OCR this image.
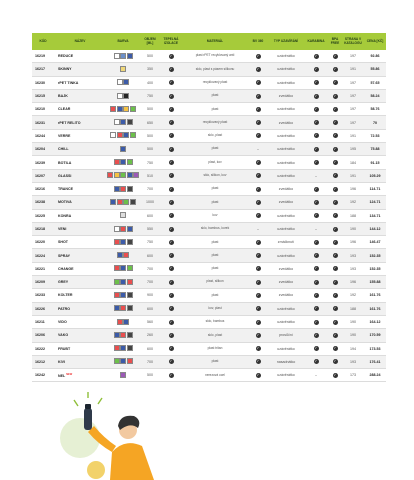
KÓD	NÁZEV	BARVA	OBJEM [ML]	TEPELNÁ IZOLACE	MATERIÁL	BV 360	TYP UZAVÍRÁNÍ	KARABINA	BPA FREE	STRANA V KATALOGU	CENA [KČ]
16219	REDUCE		500	✓	plast rPET recyklovaný anti	✓	uzávěrátko	✓	✓	197	92.86
16217	SKINNY		350	✓	sklo, plast s pásem silikonu	✓	uzávěrátko	✓	✓	191	55.86
16230	rPET TINKA		400	✓	recyklovaný plast	✓	uzávěrátko	✓	✓	197	57.65
16215	BAJK		750	✓	plast	✓	zvedátko	✓	✓	197	58.24
16210	CLEAR		500	✓	plast	✓	uzávěrátko	✓	✓	197	58.76
16231	rPET RELITO		650	✓	recyklovaný plast	✓	zvedátko	✓	✓	197	70
16244	VERRE		500	✓	sklo, plast	✓	uzávěrátko	✓	✓	191	72.53
16204	CHILL		500	✓	plast	–	uzávěrátko	✓	✓	195	75.88
16239	BOTILA		750	✓	plast, kov	✓	uzávěrátko	✓	✓	184	91.15
16207	GLASSI		510	✓	sklo, silikon, kov	✓	uzávěrátko	–	✓	191	105.29
16216	TRANCE		700	✓	plast	✓	zvedátko	✓	✓	196	114.71
16238	MOTIVA		1000	✓	plast	✓	zvedátko	✓	✓	192	124.71
16225	KONRA		600	✓	kov	✓	uzávěrátko	✓	✓	188	134.71
16218	VENI		550	✓	sklo, bambus, korek	–	uzávěrátko	–	✓	190	144.12
16220	SHOT		750	✓	plast	✓	zmáčknutí	✓	✓	196	146.47
16224	SPRAY		600	✓	plast	✓	uzávěrátko	✓	✓	193	152.35
16221	CHANGE		700	✓	plast	✓	zvedátko	✓	✓	193	152.35
16209	GREY		700	✓	plast, silikon	✓	zvedátko	✓	✓	196	155.88
16233	KOLTER		900	✓	plast	✓	zvedátko	✓	✓	192	161.76
16226	PATRO		600	✓	kov, plast	✓	uzávěrátko	✓	✓	188	161.76
16211	VIDO		560	✓	sklo, bambus	✓	uzávěrátko	✓	✓	190	164.12
16206	VAKO		260	✓	sklo, plast	✓	prosůční	✓	✓	190	170.59
16222	FRUBT		600	✓	plast tritan	✓	uzávěrátko	✓	✓	194	173.53
16212	KIVI		700	✓	plast	✓	nasadnátko	✓	✓	193	176.41
16242	$NEL^{NEW}$		500	✓	nerezová ocel	✓	uzávěrátko	–	✓	173	288.24
